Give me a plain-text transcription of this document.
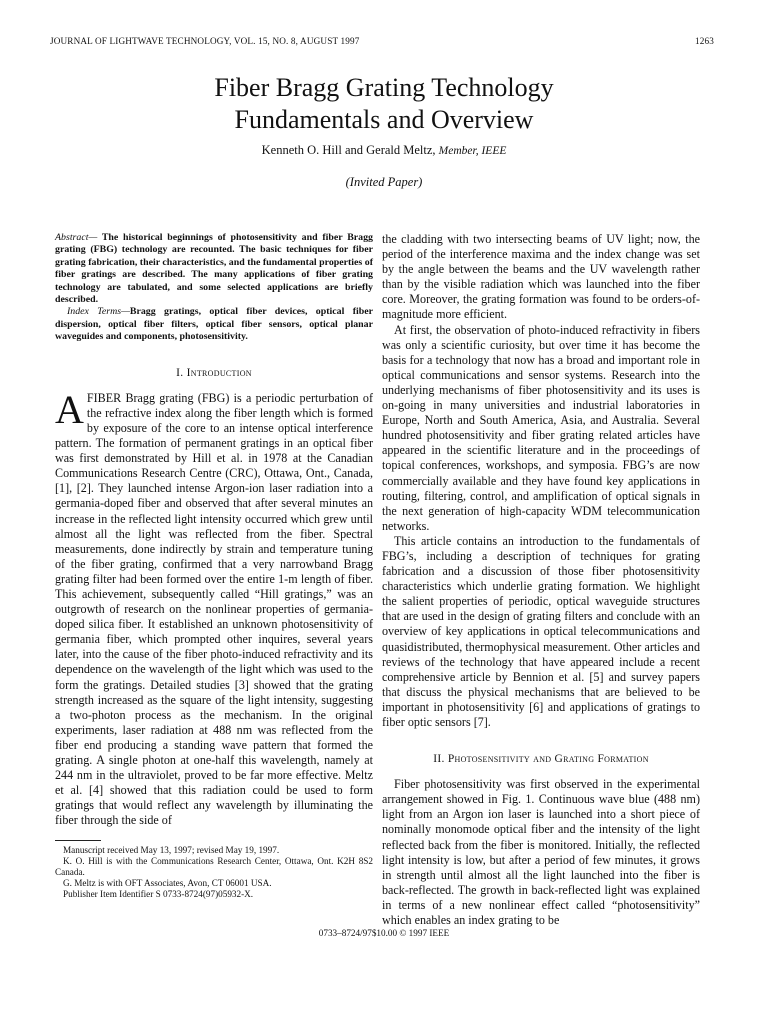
JOURNAL OF LIGHTWAVE TECHNOLOGY, VOL. 15, NO. 8, AUGUST 1997	1263
Fiber Bragg Grating Technology
Fundamentals and Overview
Kenneth O. Hill and Gerald Meltz, Member, IEEE
(Invited Paper)

Abstract— The historical beginnings of photosensitivity and fiber Bragg grating (FBG) technology are recounted. The basic techniques for fiber grating fabrication, their characteristics, and the fundamental properties of fiber gratings are described. The many applications of fiber grating technology are tabulated, and some selected applications are briefly described.

Index Terms—Bragg gratings, optical fiber devices, optical fiber dispersion, optical fiber filters, optical fiber sensors, optical planar waveguides and components, photosensitivity.

I. Introduction

A FIBER Bragg grating (FBG) is a periodic perturbation of the refractive index along the fiber length which is formed by exposure of the core to an intense optical interference pattern. The formation of permanent gratings in an optical fiber was first demonstrated by Hill et al. in 1978 at the Canadian Communications Research Centre (CRC), Ottawa, Ont., Canada, [1], [2]. They launched intense Argon-ion laser radiation into a germania-doped fiber and observed that after several minutes an increase in the reflected light intensity occurred which grew until almost all the light was reflected from the fiber. Spectral measurements, done indirectly by strain and temperature tuning of the fiber grating, confirmed that a very narrowband Bragg grating filter had been formed over the entire 1-m length of fiber. This achievement, subsequently called “Hill gratings,” was an outgrowth of research on the nonlinear properties of germania-doped silica fiber. It established an unknown photosensitivity of germania fiber, which prompted other inquires, several years later, into the cause of the fiber photo-induced refractivity and its dependence on the wavelength of the light which was used to the form the gratings. Detailed studies [3] showed that the grating strength increased as the square of the light intensity, suggesting a two-photon process as the mechanism. In the original experiments, laser radiation at 488 nm was reflected from the fiber end producing a standing wave pattern that formed the grating. A single photon at one-half this wavelength, namely at 244 nm in the ultraviolet, proved to be far more effective. Meltz et al. [4] showed that this radiation could be used to form gratings that would reflect any wavelength by illuminating the fiber through the side of

Manuscript received May 13, 1997; revised May 19, 1997.

K. O. Hill is with the Communications Research Center, Ottawa, Ont. K2H 8S2 Canada.

G. Meltz is with OFT Associates, Avon, CT 06001 USA.

Publisher Item Identifier S 0733-8724(97)05932-X.

the cladding with two intersecting beams of UV light; now, the period of the interference maxima and the index change was set by the angle between the beams and the UV wavelength rather than by the visible radiation which was launched into the fiber core. Moreover, the grating formation was found to be orders-of-magnitude more efficient.

At first, the observation of photo-induced refractivity in fibers was only a scientific curiosity, but over time it has become the basis for a technology that now has a broad and important role in optical communications and sensor systems. Research into the underlying mechanisms of fiber photosensitivity and its uses is on-going in many universities and industrial laboratories in Europe, North and South America, Asia, and Australia. Several hundred photosensitivity and fiber grating related articles have appeared in the scientific literature and in the proceedings of topical conferences, workshops, and symposia. FBG’s are now commercially available and they have found key applications in routing, filtering, control, and amplification of optical signals in the next generation of high-capacity WDM telecommunication networks.

This article contains an introduction to the fundamentals of FBG’s, including a description of techniques for grating fabrication and a discussion of those fiber photosensitivity characteristics which underlie grating formation. We highlight the salient properties of periodic, optical waveguide structures that are used in the design of grating filters and conclude with an overview of key applications in optical telecommunications and quasidistributed, thermophysical measurement. Other articles and reviews of the technology that have appeared include a recent comprehensive article by Bennion et al. [5] and survey papers that discuss the physical mechanisms that are believed to be important in photosensitivity [6] and applications of gratings to fiber optic sensors [7].

II. Photosensitivity and Grating Formation

Fiber photosensitivity was first observed in the experimental arrangement showed in Fig. 1. Continuous wave blue (488 nm) light from an Argon ion laser is launched into a short piece of nominally monomode optical fiber and the intensity of the light reflected back from the fiber is monitored. Initially, the reflected light intensity is low, but after a period of few minutes, it grows in strength until almost all the light launched into the fiber is back-reflected. The growth in back-reflected light was explained in terms of a new nonlinear effect called “photosensitivity” which enables an index grating to be

0733–8724/97$10.00 © 1997 IEEE
